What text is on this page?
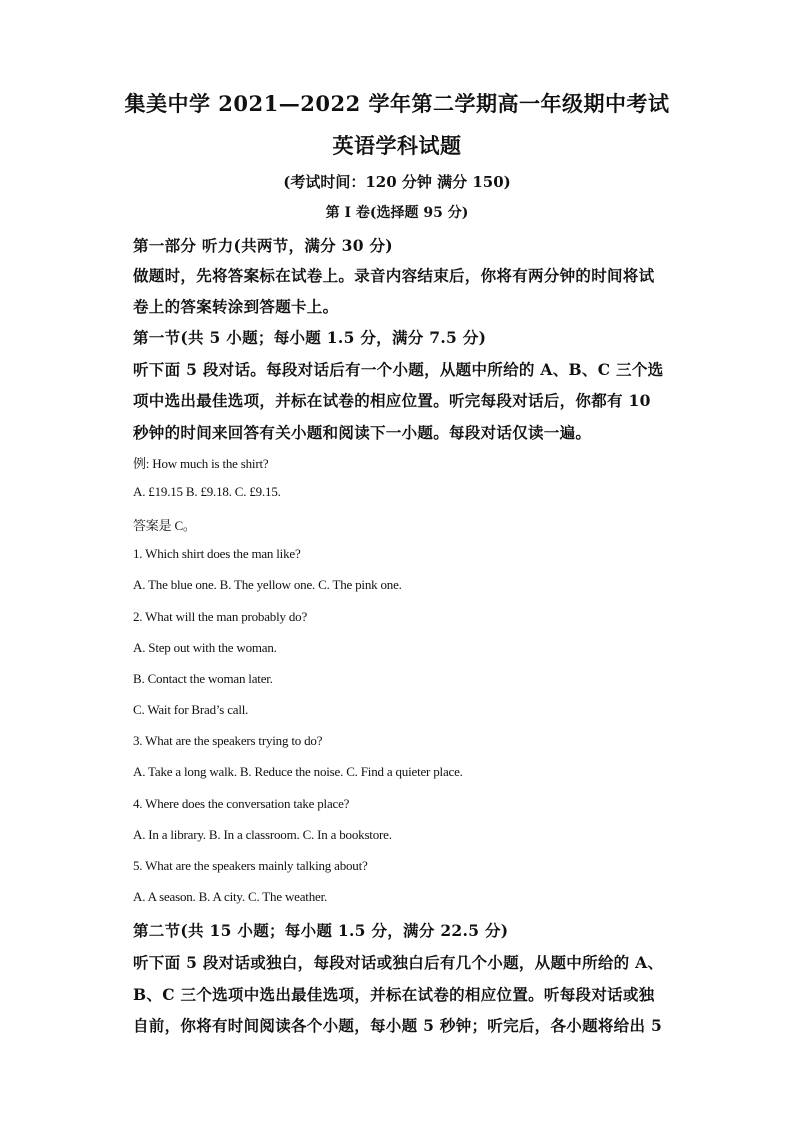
集美中学 2021—2022 学年第二学期高一年级期中考试
英语学科试题
(考试时间：120 分钟 满分 150)
第 I 卷(选择题 95 分)
第一部分 听力(共两节，满分 30 分)
做题时，先将答案标在试卷上。录音内容结束后，你将有两分钟的时间将试
卷上的答案转涂到答题卡上。
第一节(共 5 小题；每小题 1.5 分，满分 7.5 分)
听下面 5 段对话。每段对话后有一个小题，从题中所给的 A、B、C 三个选
项中选出最佳选项，并标在试卷的相应位置。听完每段对话后，你都有 10
秒钟的时间来回答有关小题和阅读下一小题。每段对话仅读一遍。
例: How much is the shirt?
A. £19.15 B. £9.18. C. £9.15.
答案是 C。
1. Which shirt does the man like?
A. The blue one. B. The yellow one. C. The pink one.
2. What will the man probably do?
A. Step out with the woman.
B. Contact the woman later.
C. Wait for Brad’s call.
3. What are the speakers trying to do?
A. Take a long walk. B. Reduce the noise. C. Find a quieter place.
4. Where does the conversation take place?
A. In a library. B. In a classroom. C. In a bookstore.
5. What are the speakers mainly talking about?
A. A season. B. A city. C. The weather.
第二节(共 15 小题；每小题 1.5 分，满分 22.5 分)
听下面 5 段对话或独白，每段对话或独白后有几个小题，从题中所给的 A、
B、C 三个选项中选出最佳选项，并标在试卷的相应位置。听每段对话或独
自前，你将有时间阅读各个小题，每小题 5 秒钟；听完后，各小题将给出 5
